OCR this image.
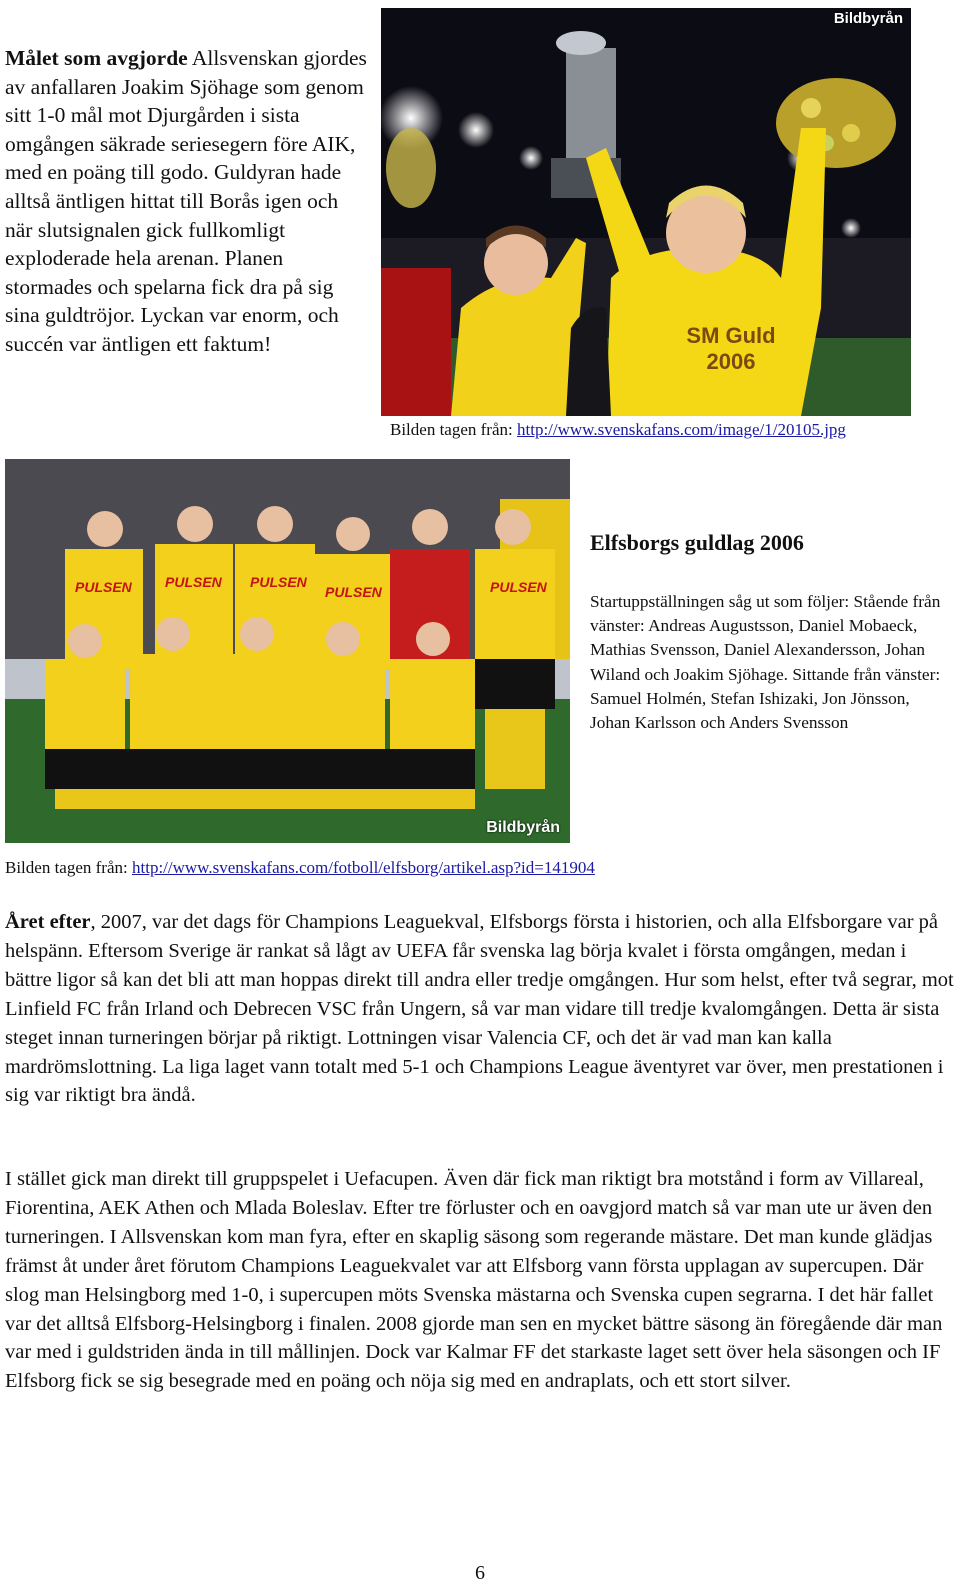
Målet som avgjorde Allsvenskan gjordes av anfallaren Joakim Sjöhage som genom sitt 1-0 mål mot Djurgården i sista omgången säkrade seriesegern före AIK, med en poäng till godo. Guldyran hade alltså äntligen hittat till Borås igen och när slutsignalen gick fullkomligt exploderade hela arenan. Planen stormades och spelarna fick dra på sig sina guldtröjor. Lyckan var enorm, och succén var äntligen ett faktum!
Bildbyrån
SM Guld 2006
Bilden tagen från: http://www.svenskafans.com/image/1/20105.jpg
PULSEN PULSEN PULSEN
PULSEN	PULSEN
Bildbyrån
Elfsborgs guldlag 2006
Startuppställningen såg ut som följer: Stående från vänster: Andreas Augustsson, Daniel Mobaeck, Mathias Svensson, Daniel Alexandersson, Johan Wiland och Joakim Sjöhage. Sittande från vänster: Samuel Holmén, Stefan Ishizaki, Jon Jönsson, Johan Karlsson och Anders Svensson
Bilden tagen från: http://www.svenskafans.com/fotboll/elfsborg/artikel.asp?id=141904
Året efter, 2007, var det dags för Champions Leaguekval, Elfsborgs första i historien, och alla Elfsborgare var på helspänn. Eftersom Sverige är rankat så lågt av UEFA får svenska lag börja kvalet i första omgången, medan i bättre ligor så kan det bli att man hoppas direkt till andra eller tredje omgången. Hur som helst, efter två segrar, mot Linfield FC från Irland och Debrecen VSC från Ungern, så var man vidare till tredje kvalomgången. Detta är sista steget innan turneringen börjar på riktigt. Lottningen visar Valencia CF, och det är vad man kan kalla mardrömslottning. La liga laget vann totalt med 5-1 och Champions League äventyret var över, men prestationen i sig var riktigt bra ändå.
I stället gick man direkt till gruppspelet i Uefacupen. Även där fick man riktigt bra motstånd i form av Villareal, Fiorentina, AEK Athen och Mlada Boleslav. Efter tre förluster och en oavgjord match så var man ute ur även den turneringen. I Allsvenskan kom man fyra, efter en skaplig säsong som regerande mästare. Det man kunde glädjas främst åt under året förutom Champions Leaguekvalet var att Elfsborg vann första upplagan av supercupen. Där slog man Helsingborg med 1-0, i supercupen möts Svenska mästarna och Svenska cupen segrarna. I det här fallet var det alltså Elfsborg-Helsingborg i finalen. 2008 gjorde man sen en mycket bättre säsong än föregående där man var med i guldstriden ända in till mållinjen. Dock var Kalmar FF det starkaste laget sett över hela säsongen och IF Elfsborg fick se sig besegrade med en poäng och nöja sig med en andraplats, och ett stort silver.
6
